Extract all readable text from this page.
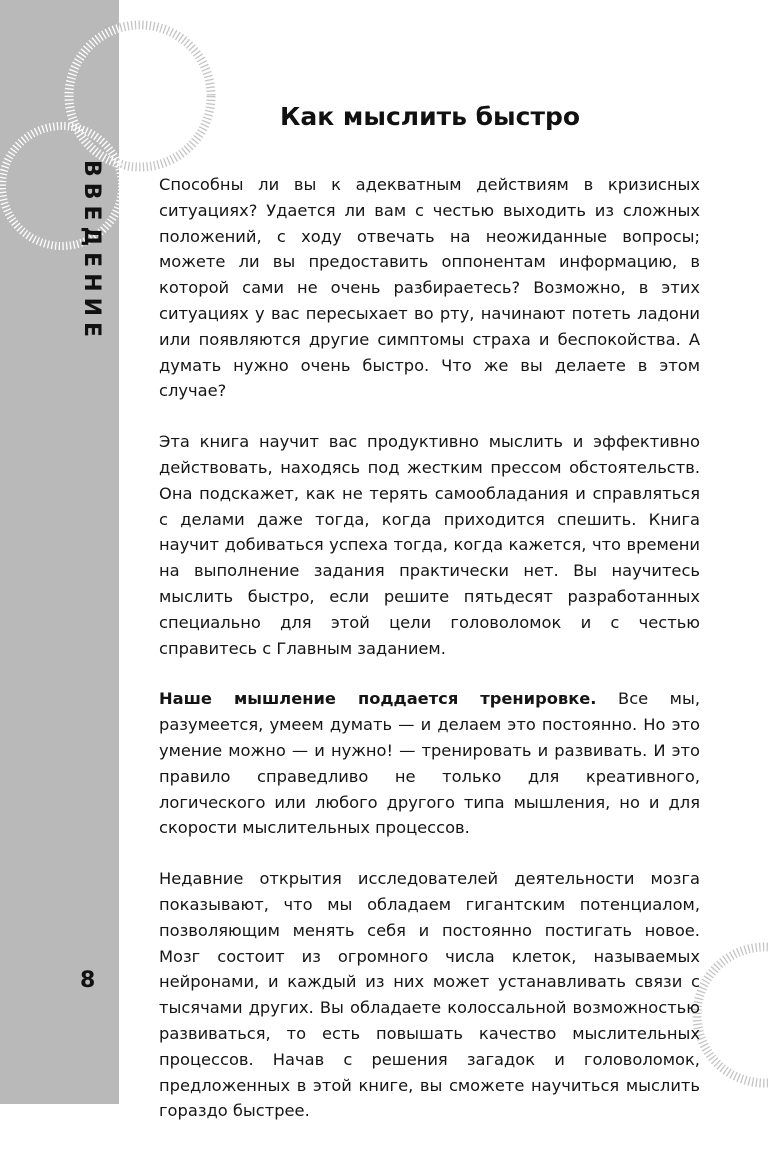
ВВЕДЕНИЕ
8
Как мыслить быстро

Способны ли вы к адекватным действиям в кризисных ситуациях? Удается ли вам с честью выходить из сложных положений, с ходу отвечать на неожиданные вопросы; можете ли вы предоставить оппонентам информацию, в которой сами не очень разбираетесь? Возможно, в этих ситуациях у вас пересыхает во рту, начинают потеть ладони или появляются другие симптомы страха и беспокойства. А думать нужно очень быстро. Что же вы делаете в этом случае?

Эта книга научит вас продуктивно мыслить и эффективно действовать, находясь под жестким прессом обстоятельств. Она подскажет, как не терять самообладания и справляться с делами даже тогда, когда приходится спешить. Книга научит добиваться успеха тогда, когда кажется, что времени на выполнение задания практически нет. Вы научитесь мыслить быстро, если решите пятьдесят разработанных специально для этой цели головоломок и с честью справитесь с Главным заданием.

Наше мышление поддается тренировке. Все мы, разумеется, умеем думать — и делаем это постоянно. Но это умение можно — и нужно! — тренировать и развивать. И это правило справедливо не только для креативного, логического или любого другого типа мышления, но и для скорости мыслительных процессов.

Недавние открытия исследователей деятельности мозга показывают, что мы обладаем гигантским потенциалом, позволяющим менять себя и постоянно постигать новое. Мозг состоит из огромного числа клеток, называемых нейронами, и каждый из них может устанавливать связи с тысячами других. Вы обладаете колоссальной возможностью развиваться, то есть повышать качество мыслительных процессов. Начав с решения загадок и головоломок, предложенных в этой книге, вы сможете научиться мыслить гораздо быстрее.
